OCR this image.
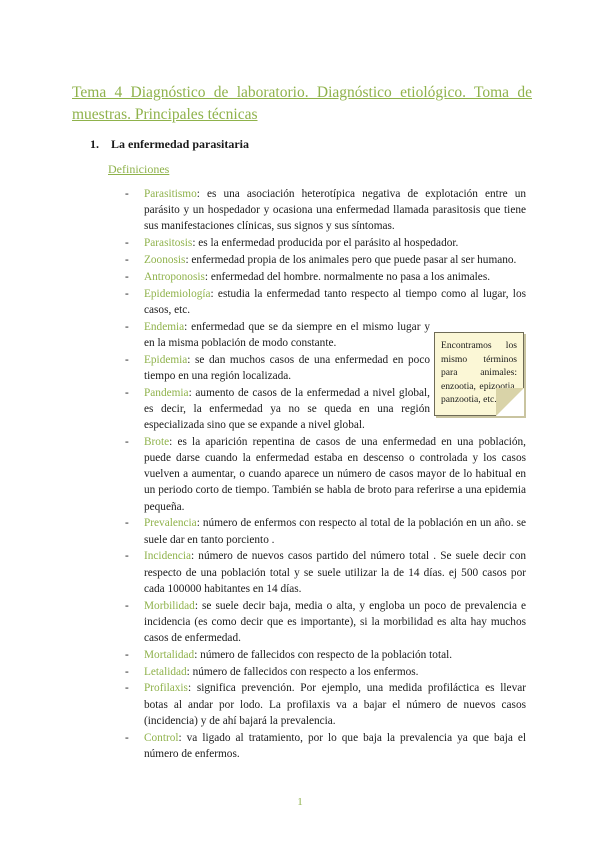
Tema 4 Diagnóstico de laboratorio. Diagnóstico etiológico. Toma de muestras. Principales técnicas
1. La enfermedad parasitaria
Definiciones
- Parasitismo: es una asociación heterotípica negativa de explotación entre un parásito y un hospedador y ocasiona una enfermedad llamada parasitosis que tiene sus manifestaciones clínicas, sus signos y sus síntomas.
- Parasitosis: es la enfermedad producida por el parásito al hospedador.
- Zoonosis: enfermedad propia de los animales pero que puede pasar al ser humano.
- Antroponosis: enfermedad del hombre. normalmente no pasa a los animales.
- Epidemiología: estudia la enfermedad tanto respecto al tiempo como al lugar, los casos, etc.
- Endemia: enfermedad que se da siempre en el mismo lugar y en la misma población de modo constante.
- Epidemia: se dan muchos casos de una enfermedad en poco tiempo en una región localizada.
- Pandemia: aumento de casos de la enfermedad a nivel global, es decir, la enfermedad ya no se queda en una región especializada sino que se expande a nivel global.
- Brote: es la aparición repentina de casos de una enfermedad en una población, puede darse cuando la enfermedad estaba en descenso o controlada y los casos vuelven a aumentar, o cuando aparece un número de casos mayor de lo habitual en un periodo corto de tiempo. También se habla de broto para referirse a una epidemia pequeña.
- Prevalencia: número de enfermos con respecto al total de la población en un año. se suele dar en tanto porciento .
- Incidencia: número de nuevos casos partido del número total . Se suele decir con respecto de una población total y se suele utilizar la de 14 días. ej 500 casos por cada 100000 habitantes en 14 días.
- Morbilidad: se suele decir baja, media o alta, y engloba un poco de prevalencia e incidencia (es como decir que es importante), si la morbilidad es alta hay muchos casos de enfermedad.
- Mortalidad: número de fallecidos con respecto de la población total.
- Letalidad: número de fallecidos con respecto a los enfermos.
- Profilaxis: significa prevención. Por ejemplo, una medida profiláctica es llevar botas al andar por lodo. La profilaxis va a bajar el número de nuevos casos (incidencia) y de ahí bajará la prevalencia.
- Control: va ligado al tratamiento, por lo que baja la prevalencia ya que baja el número de enfermos.
Encontramos los mismo términos para animales: enzootia, epizootia, panzootia, etc.
1
